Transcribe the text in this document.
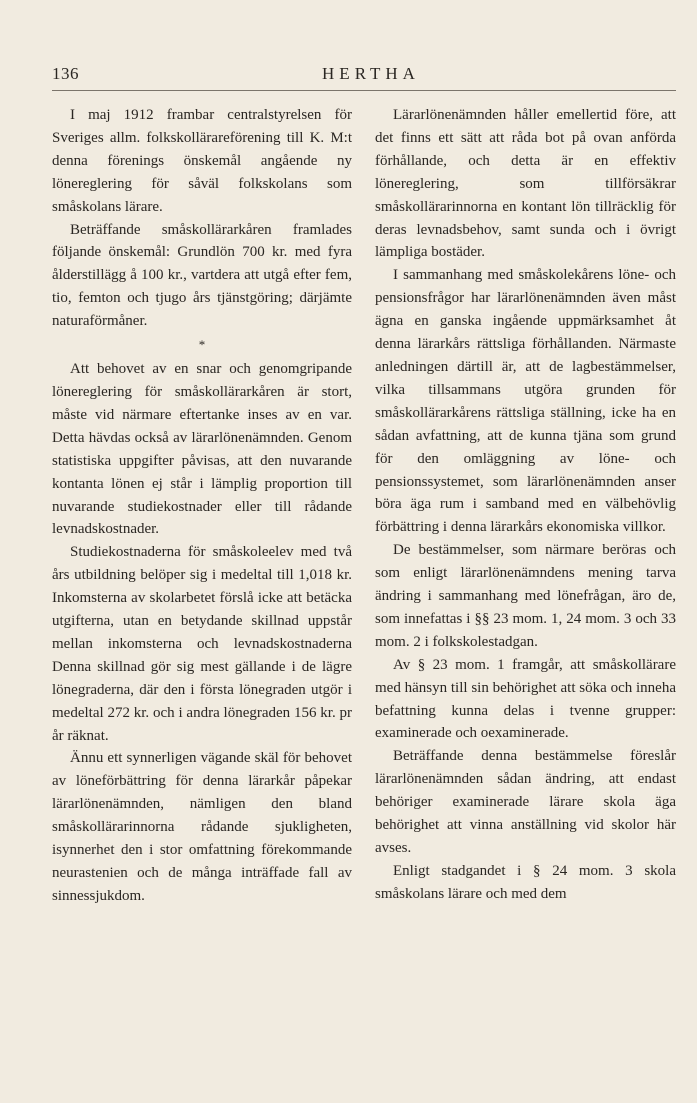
136	HERTHA

I maj 1912 frambar centralstyrelsen för Sveriges allm. folkskollärareförening till K. M:t denna förenings önskemål angående ny lönereglering för såväl folkskolans som småskolans lärare.

Beträffande småskollärarkåren framlades följande önskemål: Grundlön 700 kr. med fyra ålderstillägg å 100 kr., vartdera att utgå efter fem, tio, femton och tjugo års tjänstgöring; därjämte naturaförmåner.

*

Att behovet av en snar och genomgripande lönereglering för småskollärarkåren är stort, måste vid närmare eftertanke inses av en var. Detta hävdas också av lärarlönenämnden. Genom statistiska uppgifter påvisas, att den nuvarande kontanta lönen ej står i lämplig proportion till nuvarande studiekostnader eller till rådande levnadskostnader.

Studiekostnaderna för småskoleelev med två års utbildning belöper sig i medeltal till 1,018 kr. Inkomsterna av skolarbetet förslå icke att betäcka utgifterna, utan en betydande skillnad uppstår mellan inkomsterna och levnadskostnaderna Denna skillnad gör sig mest gällande i de lägre lönegraderna, där den i första lönegraden utgör i medeltal 272 kr. och i andra lönegraden 156 kr. pr år räknat.

Ännu ett synnerligen vägande skäl för behovet av löneförbättring för denna lärarkår påpekar lärarlönenämnden, nämligen den bland småskollärarinnorna rådande sjukligheten, isynnerhet den i stor omfattning förekommande neurastenien och de många inträffade fall av sinnessjukdom.

Lärarlönenämnden håller emellertid före, att det finns ett sätt att råda bot på ovan anförda förhållande, och detta är en effektiv lönereglering, som tillförsäkrar småskollärarinnorna en kontant lön tillräcklig för deras levnadsbehov, samt sunda och i övrigt lämpliga bostäder.

I sammanhang med småskolekårens löne- och pensionsfrågor har lärarlönenämnden även måst ägna en ganska ingående uppmärksamhet åt denna lärarkårs rättsliga förhållanden. Närmaste anledningen därtill är, att de lagbestämmelser, vilka tillsammans utgöra grunden för småskollärarkårens rättsliga ställning, icke ha en sådan avfattning, att de kunna tjäna som grund för den omläggning av löne- och pensionssystemet, som lärarlönenämnden anser böra äga rum i samband med en välbehövlig förbättring i denna lärarkårs ekonomiska villkor.

De bestämmelser, som närmare beröras och som enligt lärarlönenämndens mening tarva ändring i sammanhang med lönefrågan, äro de, som innefattas i §§ 23 mom. 1, 24 mom. 3 och 33 mom. 2 i folkskolestadgan.

Av § 23 mom. 1 framgår, att småskollärare med hänsyn till sin behörighet att söka och inneha befattning kunna delas i tvenne grupper: examinerade och oexaminerade.

Beträffande denna bestämmelse föreslår lärarlönenämnden sådan ändring, att endast behöriger examinerade lärare skola äga behörighet att vinna anställning vid skolor här avses.

Enligt stadgandet i § 24 mom. 3 skola småskolans lärare och med dem
